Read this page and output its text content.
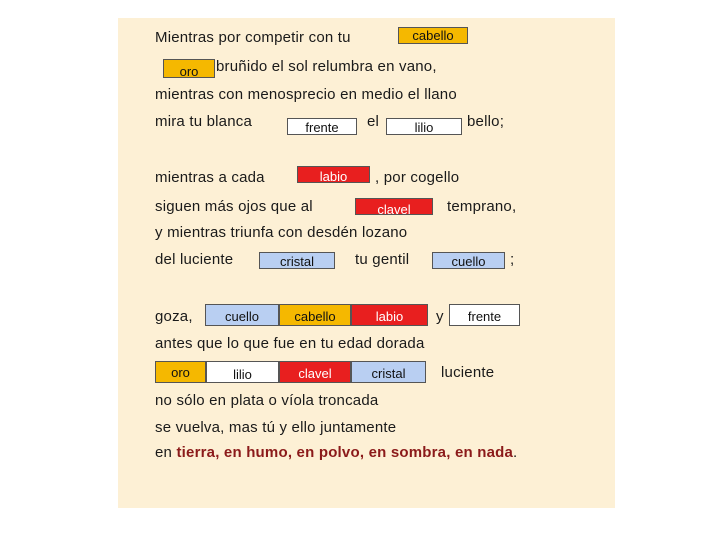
Mientras por competir con tu
bruñido el sol relumbra en vano,
mientras con menosprecio en medio el llano
mira tu blanca	el	bello;
mientras a cada	, por cogello
siguen más ojos que al	temprano,
y mientras triunfa con desdén lozano
del luciente	tu gentil	;
goza,	y
antes que lo que fue en tu edad dorada
luciente
no sólo en plata o víola troncada
se vuelva, mas tú y ello juntamente
en tierra, en humo, en polvo, en sombra, en nada.
cabello
oro
frente	lilio
labio
clavel
cristal	cuello
cuello	cabello	labio	frente
oro	lilio	clavel	cristal
